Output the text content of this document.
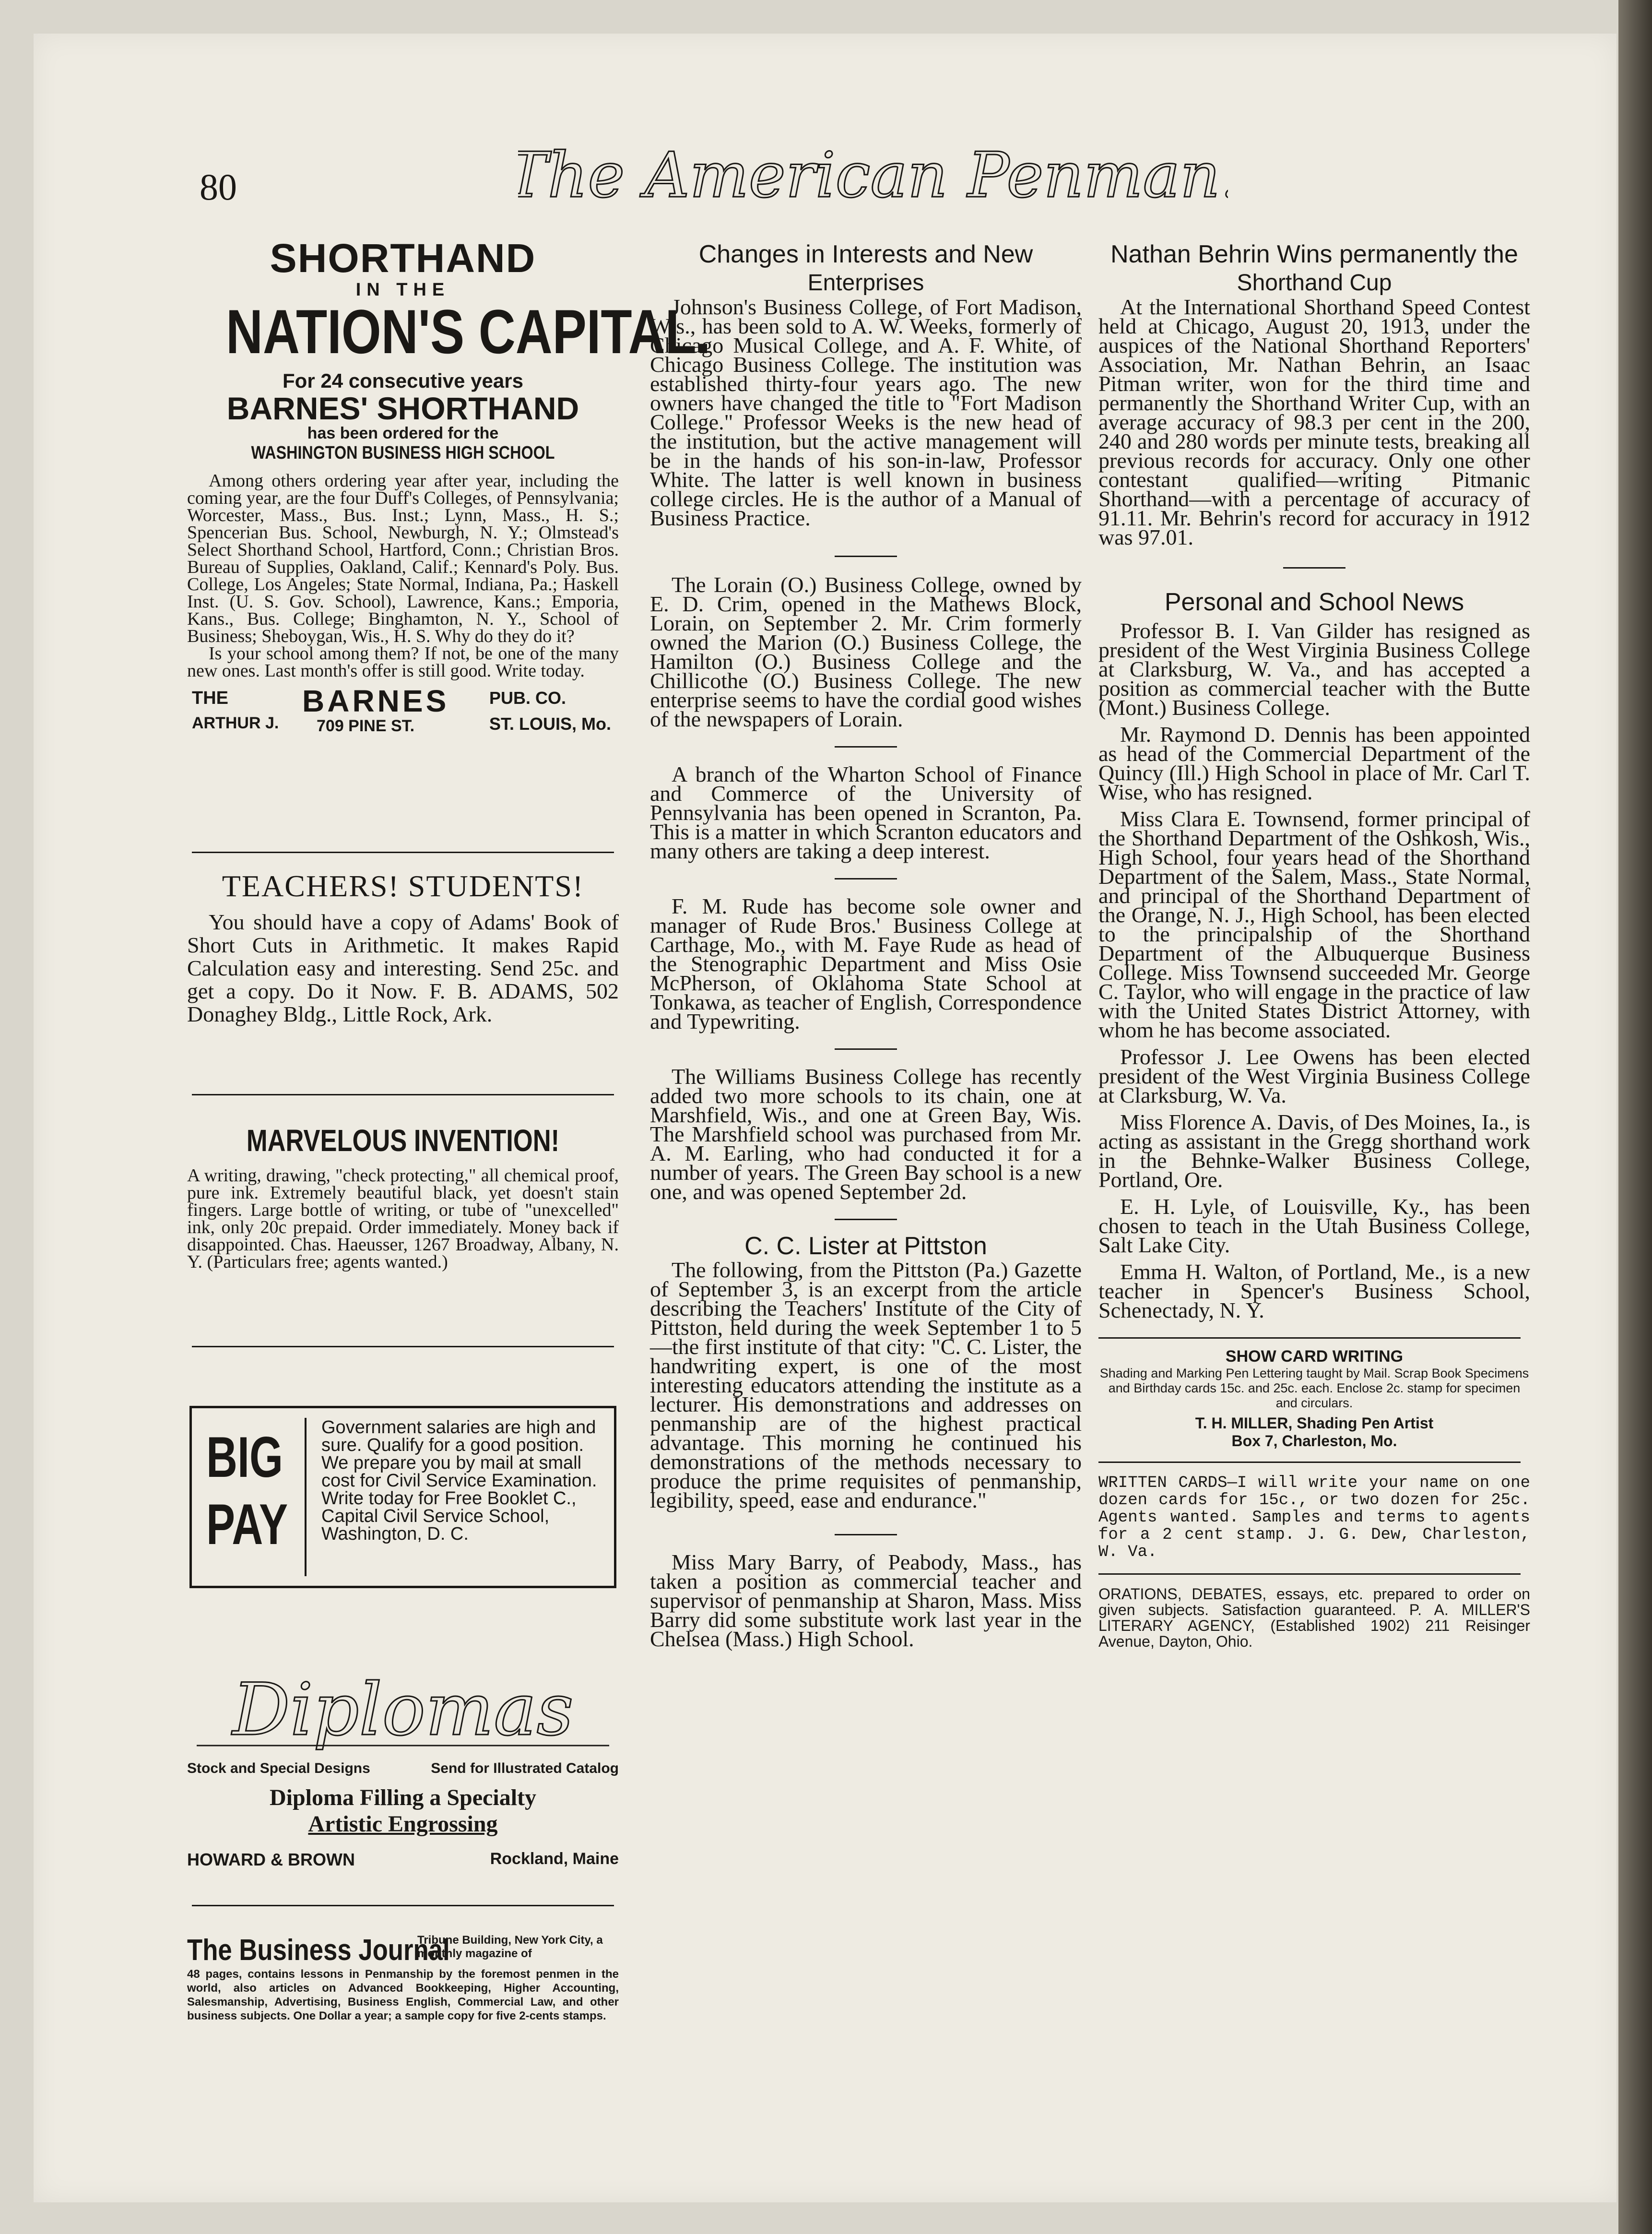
80	The American Penman.
SHORTHAND
IN THE
NATION'S CAPITAL.
For 24 consecutive years
BARNES' SHORTHAND
has been ordered for the
WASHINGTON BUSINESS HIGH SCHOOL

Among others ordering year after year, including the coming year, are the four Duff's Colleges, of Pennsylvania; Worcester, Mass., Bus. Inst.; Lynn, Mass., H. S.; Spencerian Bus. School, Newburgh, N. Y.; Olmstead's Select Shorthand School, Hartford, Conn.; Christian Bros. Bureau of Supplies, Oakland, Calif.; Kennard's Poly. Bus. College, Los Angeles; State Normal, Indiana, Pa.; Haskell Inst. (U. S. Gov. School), Lawrence, Kans.; Emporia, Kans., Bus. College; Binghamton, N. Y., School of Business; Sheboygan, Wis., H. S. Why do they do it?

Is your school among them? If not, be one of the many new ones. Last month's offer is still good. Write today.

THE
ARTHUR J.
BARNES
709 PINE ST.
PUB. CO.
ST. LOUIS, Mo.
TEACHERS! STUDENTS!

You should have a copy of Adams' Book of Short Cuts in Arithmetic. It makes Rapid Calculation easy and interesting. Send 25c. and get a copy. Do it Now. F. B. ADAMS, 502 Donaghey Bldg., Little Rock, Ark.

MARVELOUS INVENTION!

A writing, drawing, "check protecting," all chemical proof, pure ink. Extremely beautiful black, yet doesn't stain fingers. Large bottle of writing, or tube of "unexcelled" ink, only 20c prepaid. Order immediately. Money back if disappointed. Chas. Haeusser, 1267 Broadway, Albany, N. Y. (Particulars free; agents wanted.)

BIG
PAY

Government salaries are high and sure. Qualify for a good position. We prepare you by mail at small cost for Civil Service Examination. Write today for Free Booklet C., Capital Civil Service School, Washington, D. C.

Diplomas
Stock and Special Designs	Send for Illustrated Catalog
Diploma Filling a Specialty
Artistic Engrossing
HOWARD & BROWN	Rockland, Maine
The Business Journal
Tribune Building, New York City, a monthly magazine of

48 pages, contains lessons in Penmanship by the foremost penmen in the world, also articles on Advanced Bookkeeping, Higher Accounting, Salesmanship, Advertising, Business English, Commercial Law, and other business subjects. One Dollar a year; a sample copy for five 2-cents stamps.

Changes in Interests and New
Enterprises

Johnson's Business College, of Fort Madison, Wis., has been sold to A. W. Weeks, formerly of Chicago Musical College, and A. F. White, of Chicago Business College. The institution was established thirty-four years ago. The new owners have changed the title to "Fort Madison College." Professor Weeks is the new head of the institution, but the active management will be in the hands of his son-in-law, Professor White. The latter is well known in business college circles. He is the author of a Manual of Business Practice.

The Lorain (O.) Business College, owned by E. D. Crim, opened in the Mathews Block, Lorain, on September 2. Mr. Crim formerly owned the Marion (O.) Business College, the Hamilton (O.) Business College and the Chillicothe (O.) Business College. The new enterprise seems to have the cordial good wishes of the newspapers of Lorain.

A branch of the Wharton School of Finance and Commerce of the University of Pennsylvania has been opened in Scranton, Pa. This is a matter in which Scranton educators and many others are taking a deep interest.

F. M. Rude has become sole owner and manager of Rude Bros.' Business College at Carthage, Mo., with M. Faye Rude as head of the Stenographic Department and Miss Osie McPherson, of Oklahoma State School at Tonkawa, as teacher of English, Correspondence and Typewriting.

The Williams Business College has recently added two more schools to its chain, one at Marshfield, Wis., and one at Green Bay, Wis. The Marshfield school was purchased from Mr. A. M. Earling, who had conducted it for a number of years. The Green Bay school is a new one, and was opened September 2d.

C. C. Lister at Pittston

The following, from the Pittston (Pa.) Gazette of September 3, is an excerpt from the article describing the Teachers' Institute of the City of Pittston, held during the week September 1 to 5—the first institute of that city: "C. C. Lister, the handwriting expert, is one of the most interesting educators attending the institute as a lecturer. His demonstrations and addresses on penmanship are of the highest practical advantage. This morning he continued his demonstrations of the methods necessary to produce the prime requisites of penmanship, legibility, speed, ease and endurance."

Miss Mary Barry, of Peabody, Mass., has taken a position as commercial teacher and supervisor of penmanship at Sharon, Mass. Miss Barry did some substitute work last year in the Chelsea (Mass.) High School.

Nathan Behrin Wins permanently the
Shorthand Cup

At the International Shorthand Speed Contest held at Chicago, August 20, 1913, under the auspices of the National Shorthand Reporters' Association, Mr. Nathan Behrin, an Isaac Pitman writer, won for the third time and permanently the Shorthand Writer Cup, with an average accuracy of 98.3 per cent in the 200, 240 and 280 words per minute tests, breaking all previous records for accuracy. Only one other contestant qualified—writing Pitmanic Shorthand—with a percentage of accuracy of 91.11. Mr. Behrin's record for accuracy in 1912 was 97.01.

Personal and School News

Professor B. I. Van Gilder has resigned as president of the West Virginia Business College at Clarksburg, W. Va., and has accepted a position as commercial teacher with the Butte (Mont.) Business College.

Mr. Raymond D. Dennis has been appointed as head of the Commercial Department of the Quincy (Ill.) High School in place of Mr. Carl T. Wise, who has resigned.

Miss Clara E. Townsend, former principal of the Shorthand Department of the Oshkosh, Wis., High School, four years head of the Shorthand Department of the Salem, Mass., State Normal, and principal of the Shorthand Department of the Orange, N. J., High School, has been elected to the principalship of the Shorthand Department of the Albuquerque Business College. Miss Townsend succeeded Mr. George C. Taylor, who will engage in the practice of law with the United States District Attorney, with whom he has become associated.

Professor J. Lee Owens has been elected president of the West Virginia Business College at Clarksburg, W. Va.

Miss Florence A. Davis, of Des Moines, Ia., is acting as assistant in the Gregg shorthand work in the Behnke-Walker Business College, Portland, Ore.

E. H. Lyle, of Louisville, Ky., has been chosen to teach in the Utah Business College, Salt Lake City.

Emma H. Walton, of Portland, Me., is a new teacher in Spencer's Business School, Schenectady, N. Y.

SHOW CARD WRITING

Shading and Marking Pen Lettering taught by Mail. Scrap Book Specimens and Birthday cards 15c. and 25c. each. Enclose 2c. stamp for specimen and circulars.

T. H. MILLER, Shading Pen Artist
Box 7, Charleston, Mo.

WRITTEN CARDS—I will write your name on one dozen cards for 15c., or two dozen for 25c. Agents wanted. Samples and terms to agents for a 2 cent stamp. J. G. Dew, Charleston, W. Va.

ORATIONS, DEBATES, essays, etc. prepared to order on given subjects. Satisfaction guaranteed. P. A. MILLER'S LITERARY AGENCY, (Established 1902) 211 Reisinger Avenue, Dayton, Ohio.
